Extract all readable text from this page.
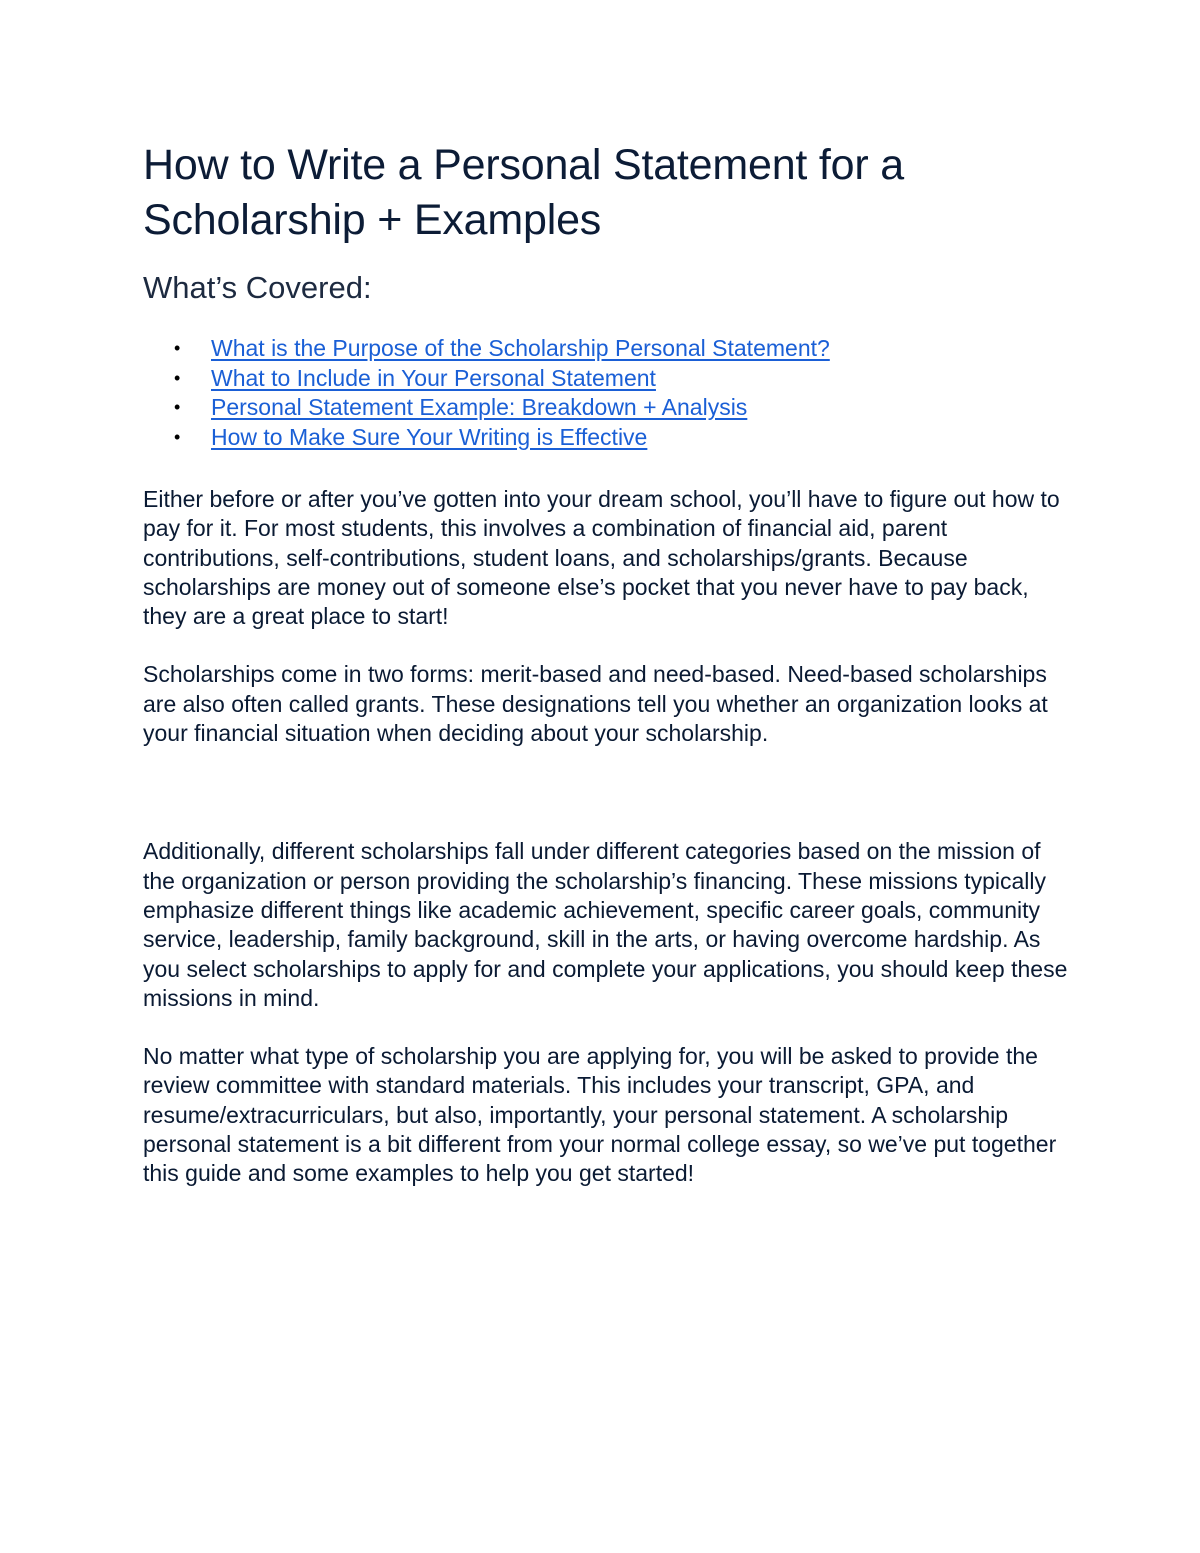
How to Write a Personal Statement for a Scholarship + Examples
What’s Covered:
• What is the Purpose of the Scholarship Personal Statement?
• What to Include in Your Personal Statement
• Personal Statement Example: Breakdown + Analysis
• How to Make Sure Your Writing is Effective

Either before or after you’ve gotten into your dream school, you’ll have to figure out how to pay for it. For most students, this involves a combination of financial aid, parent contributions, self-contributions, student loans, and scholarships/grants. Because scholarships are money out of someone else’s pocket that you never have to pay back, they are a great place to start!

Scholarships come in two forms: merit-based and need-based. Need-based scholarships are also often called grants. These designations tell you whether an organization looks at your financial situation when deciding about your scholarship.

Additionally, different scholarships fall under different categories based on the mission of the organization or person providing the scholarship’s financing. These missions typically emphasize different things like academic achievement, specific career goals, community service, leadership, family background, skill in the arts, or having overcome hardship. As you select scholarships to apply for and complete your applications, you should keep these missions in mind.

No matter what type of scholarship you are applying for, you will be asked to provide the review committee with standard materials. This includes your transcript, GPA, and resume/extracurriculars, but also, importantly, your personal statement. A scholarship personal statement is a bit different from your normal college essay, so we’ve put together this guide and some examples to help you get started!
